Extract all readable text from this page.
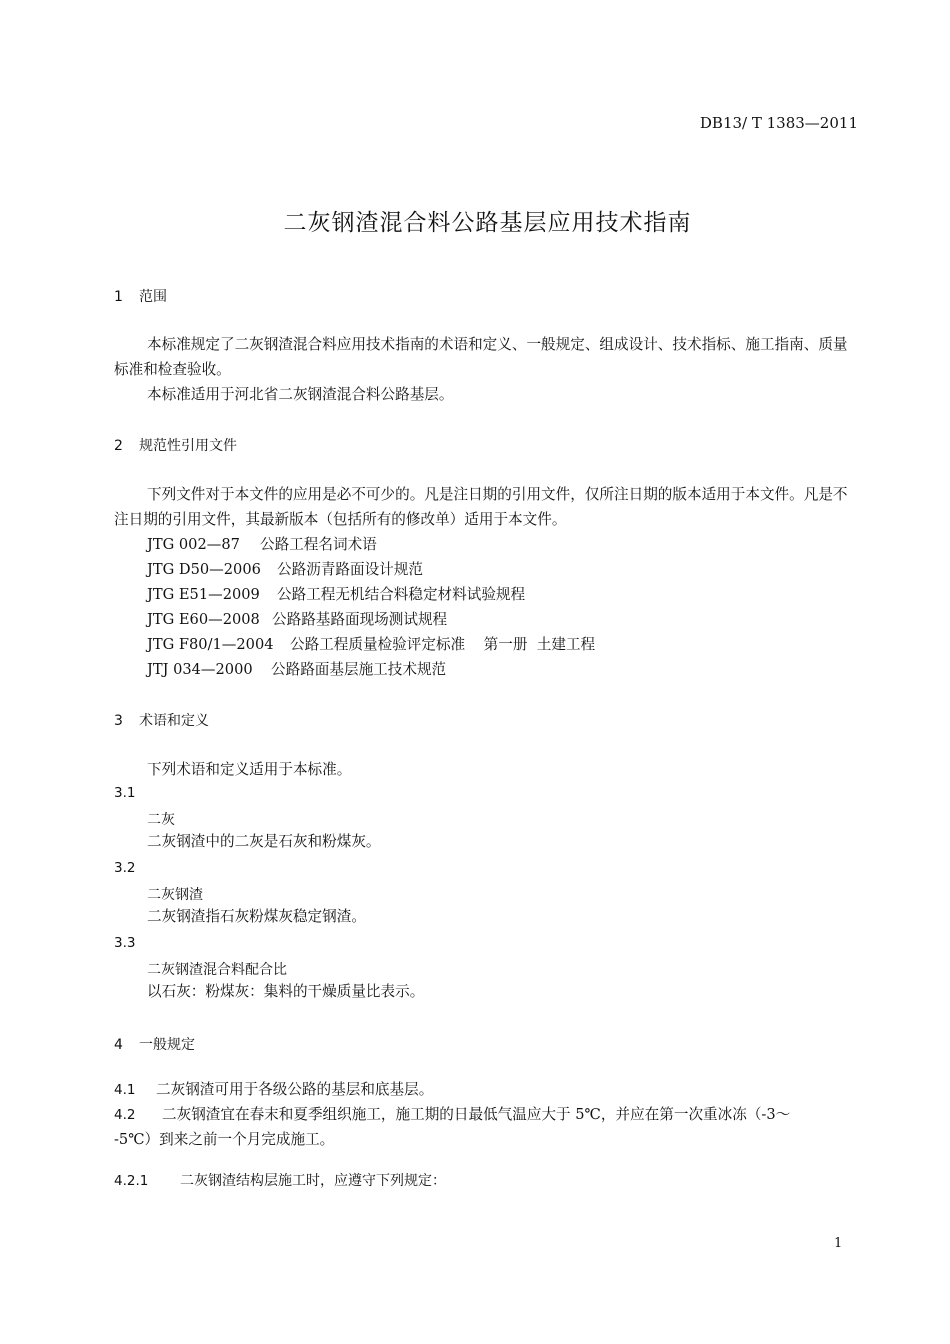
DB13/ T 1383—2011
二灰钢渣混合料公路基层应用技术指南
1 范围
本标准规定了二灰钢渣混合料应用技术指南的术语和定义、一般规定、组成设计、技术指标、施工指南、质量标准和检查验收。
本标准适用于河北省二灰钢渣混合料公路基层。
2 规范性引用文件
下列文件对于本文件的应用是必不可少的。凡是注日期的引用文件，仅所注日期的版本适用于本文件。凡是不注日期的引用文件，其最新版本（包括所有的修改单）适用于本文件。
JTG 002—87 公路工程名词术语
JTG D50—2006 公路沥青路面设计规范
JTG E51—2009 公路工程无机结合料稳定材料试验规程
JTG E60—2008 公路路基路面现场测试规程
JTG F80/1—2004 公路工程质量检验评定标准    第一册  土建工程
JTJ 034—2000 公路路面基层施工技术规范
3 术语和定义
下列术语和定义适用于本标准。
3.1
二灰
二灰钢渣中的二灰是石灰和粉煤灰。
3.2
二灰钢渣
二灰钢渣指石灰粉煤灰稳定钢渣。
3.3
二灰钢渣混合料配合比
以石灰：粉煤灰：集料的干燥质量比表示。
4 一般规定
4.1 二灰钢渣可用于各级公路的基层和底基层。
4.2 二灰钢渣宜在春末和夏季组织施工，施工期的日最低气温应大于 5℃，并应在第一次重冰冻（-3～
-5℃）到来之前一个月完成施工。
4.2.1 二灰钢渣结构层施工时，应遵守下列规定：
1
